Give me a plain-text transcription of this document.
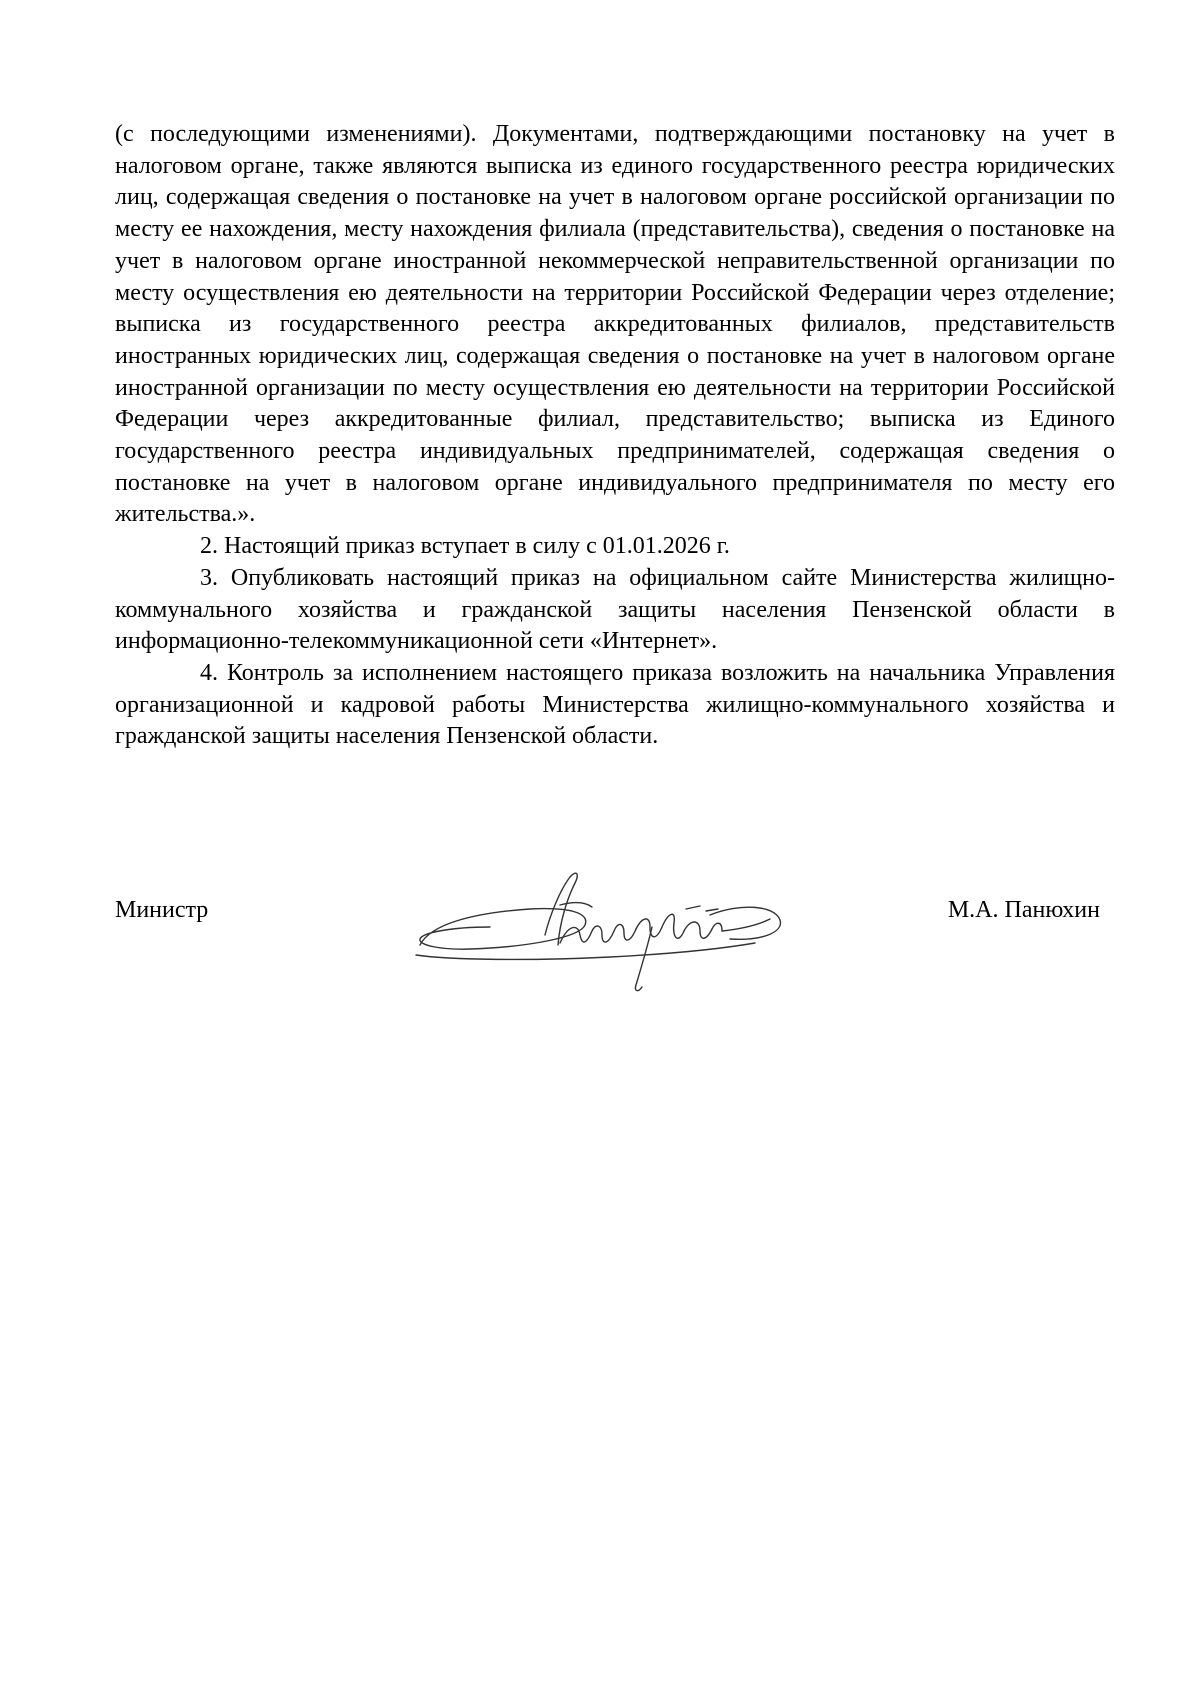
(с последующими изменениями). Документами, подтверждающими постановку на учет в налоговом органе, также являются выписка из единого государственного реестра юридических лиц, содержащая сведения о постановке на учет в налоговом органе российской организации по месту ее нахождения, месту нахождения филиала (представительства), сведения о постановке на учет в налоговом органе иностранной некоммерческой неправительственной организации по месту осуществления ею деятельности на территории Российской Федерации через отделение; выписка из государственного реестра аккредитованных филиалов, представительств иностранных юридических лиц, содержащая сведения о постановке на учет в налоговом органе иностранной организации по месту осуществления ею деятельности на территории Российской Федерации через аккредитованные филиал, представительство; выписка из Единого государственного реестра индивидуальных предпринимателей, содержащая сведения о постановке на учет в налоговом органе индивидуального предпринимателя по месту его жительства.».

2. Настоящий приказ вступает в силу с 01.01.2026 г.

3. Опубликовать настоящий приказ на официальном сайте Министерства жилищно-коммунального хозяйства и гражданской защиты населения Пензенской области в информационно-телекоммуникационной сети «Интернет».

4. Контроль за исполнением настоящего приказа возложить на начальника Управления организационной и кадровой работы Министерства жилищно-коммунального хозяйства и гражданской защиты населения Пензенской области.

Министр	М.А. Панюхин
